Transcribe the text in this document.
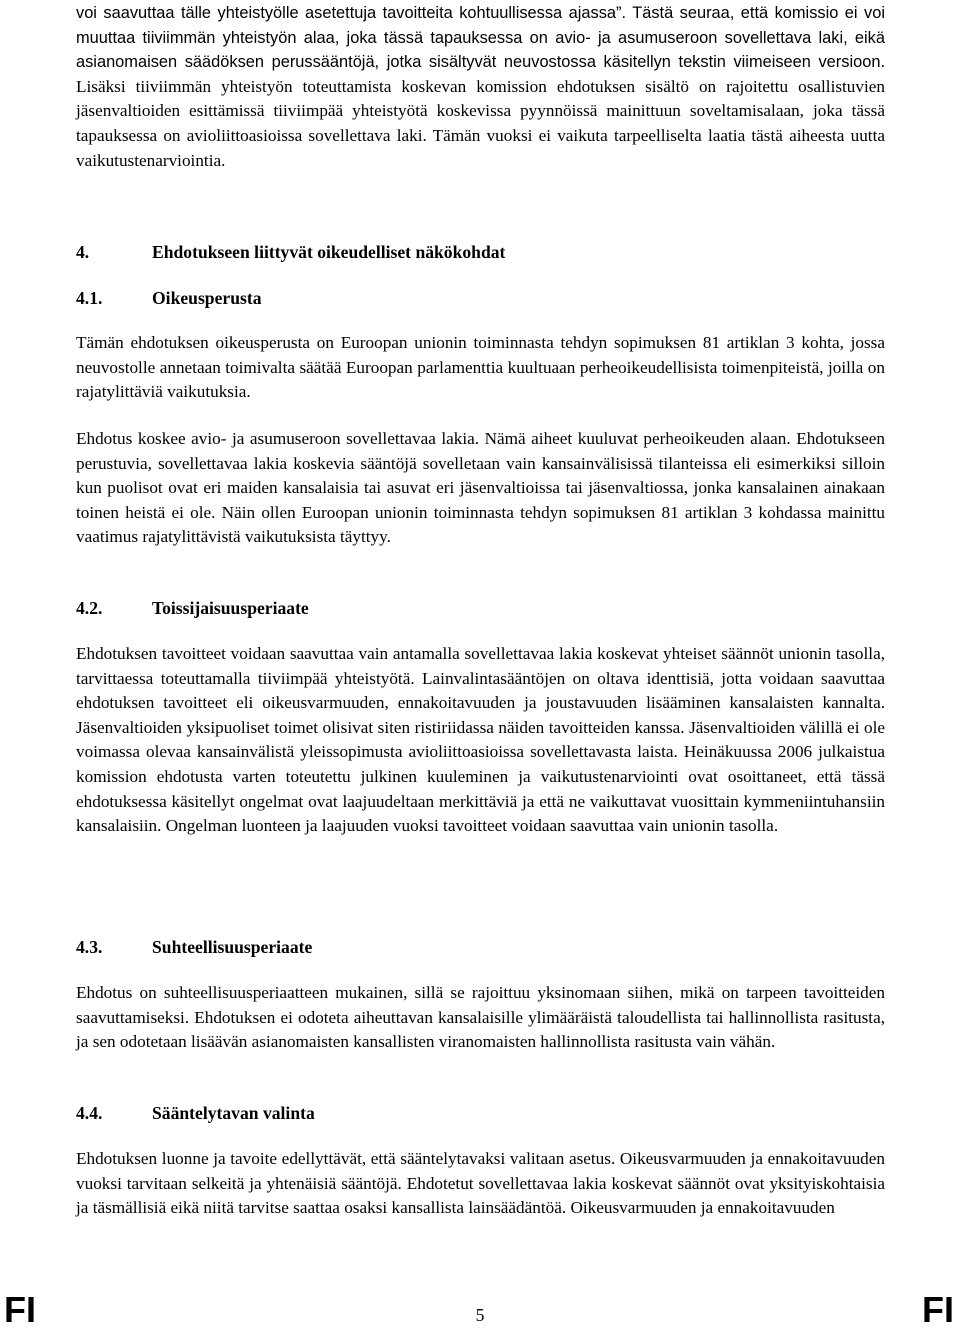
voi saavuttaa tälle yhteistyölle asetettuja tavoitteita kohtuullisessa ajassa”. Tästä seuraa, että komissio ei voi muuttaa tiiviimmän yhteistyön alaa, joka tässä tapauksessa on avio- ja asumuseroon sovellettava laki, eikä asianomaisen säädöksen perussääntöjä, jotka sisältyvät neuvostossa käsitellyn tekstin viimeiseen versioon. Lisäksi tiiviimmän yhteistyön toteuttamista koskevan komission ehdotuksen sisältö on rajoitettu osallistuvien jäsenvaltioiden esittämissä tiiviimpää yhteistyötä koskevissa pyynnöissä mainittuun soveltamisalaan, joka tässä tapauksessa on avioliittoasioissa sovellettava laki. Tämän vuoksi ei vaikuta tarpeelliselta laatia tästä aiheesta uutta vaikutustenarviointia.

4.	Ehdotukseen liittyvät oikeudelliset näkökohdat
4.1.	Oikeusperusta

Tämän ehdotuksen oikeusperusta on Euroopan unionin toiminnasta tehdyn sopimuksen 81 artiklan 3 kohta, jossa neuvostolle annetaan toimivalta säätää Euroopan parlamenttia kuultuaan perheoikeudellisista toimenpiteistä, joilla on rajatylittäviä vaikutuksia.

Ehdotus koskee avio- ja asumuseroon sovellettavaa lakia. Nämä aiheet kuuluvat perheoikeuden alaan. Ehdotukseen perustuvia, sovellettavaa lakia koskevia sääntöjä sovelletaan vain kansainvälisissä tilanteissa eli esimerkiksi silloin kun puolisot ovat eri maiden kansalaisia tai asuvat eri jäsenvaltioissa tai jäsenvaltiossa, jonka kansalainen ainakaan toinen heistä ei ole. Näin ollen Euroopan unionin toiminnasta tehdyn sopimuksen 81 artiklan 3 kohdassa mainittu vaatimus rajatylittävistä vaikutuksista täyttyy.

4.2.	Toissijaisuusperiaate

Ehdotuksen tavoitteet voidaan saavuttaa vain antamalla sovellettavaa lakia koskevat yhteiset säännöt unionin tasolla, tarvittaessa toteuttamalla tiiviimpää yhteistyötä. Lainvalintasääntöjen on oltava identtisiä, jotta voidaan saavuttaa ehdotuksen tavoitteet eli oikeusvarmuuden, ennakoitavuuden ja joustavuuden lisääminen kansalaisten kannalta. Jäsenvaltioiden yksipuoliset toimet olisivat siten ristiriidassa näiden tavoitteiden kanssa. Jäsenvaltioiden välillä ei ole voimassa olevaa kansainvälistä yleissopimusta avioliittoasioissa sovellettavasta laista. Heinäkuussa 2006 julkaistua komission ehdotusta varten toteutettu julkinen kuuleminen ja vaikutustenarviointi ovat osoittaneet, että tässä ehdotuksessa käsitellyt ongelmat ovat laajuudeltaan merkittäviä ja että ne vaikuttavat vuosittain kymmeniintuhansiin kansalaisiin. Ongelman luonteen ja laajuuden vuoksi tavoitteet voidaan saavuttaa vain unionin tasolla.

4.3.	Suhteellisuusperiaate

Ehdotus on suhteellisuusperiaatteen mukainen, sillä se rajoittuu yksinomaan siihen, mikä on tarpeen tavoitteiden saavuttamiseksi. Ehdotuksen ei odoteta aiheuttavan kansalaisille ylimääräistä taloudellista tai hallinnollista rasitusta, ja sen odotetaan lisäävän asianomaisten kansallisten viranomaisten hallinnollista rasitusta vain vähän.

4.4.	Sääntelytavan valinta

Ehdotuksen luonne ja tavoite edellyttävät, että sääntelytavaksi valitaan asetus. Oikeusvarmuuden ja ennakoitavuuden vuoksi tarvitaan selkeitä ja yhtenäisiä sääntöjä. Ehdotetut sovellettavaa lakia koskevat säännöt ovat yksityiskohtaisia ja täsmällisiä eikä niitä tarvitse saattaa osaksi kansallista lainsäädäntöä. Oikeusvarmuuden ja ennakoitavuuden

FI	5	FI
